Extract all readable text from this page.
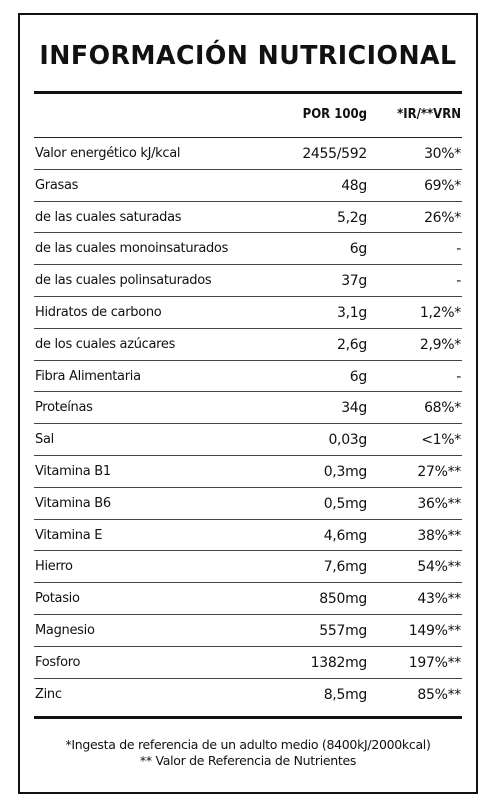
INFORMACIÓN NUTRICIONAL
POR 100g *IR/**VRN
Valor energético kJ/kcal	2455/592	30%*
Grasas	48g	69%*
de las cuales saturadas	5,2g	26%*
de las cuales monoinsaturados	6g	-
de las cuales polinsaturados	37g	-
Hidratos de carbono	3,1g	1,2%*
de los cuales azúcares	2,6g	2,9%*
Fibra Alimentaria	6g	-
Proteínas	34g	68%*
Sal	0,03g	<1%*
Vitamina B1	0,3mg	27%**
Vitamina B6	0,5mg	36%**
Vitamina E	4,6mg	38%**
Hierro	7,6mg	54%**
Potasio	850mg	43%**
Magnesio	557mg	149%**
Fosforo	1382mg	197%**
Zinc	8,5mg	85%**
*Ingesta de referencia de un adulto medio (8400kJ/2000kcal)
** Valor de Referencia de Nutrientes
